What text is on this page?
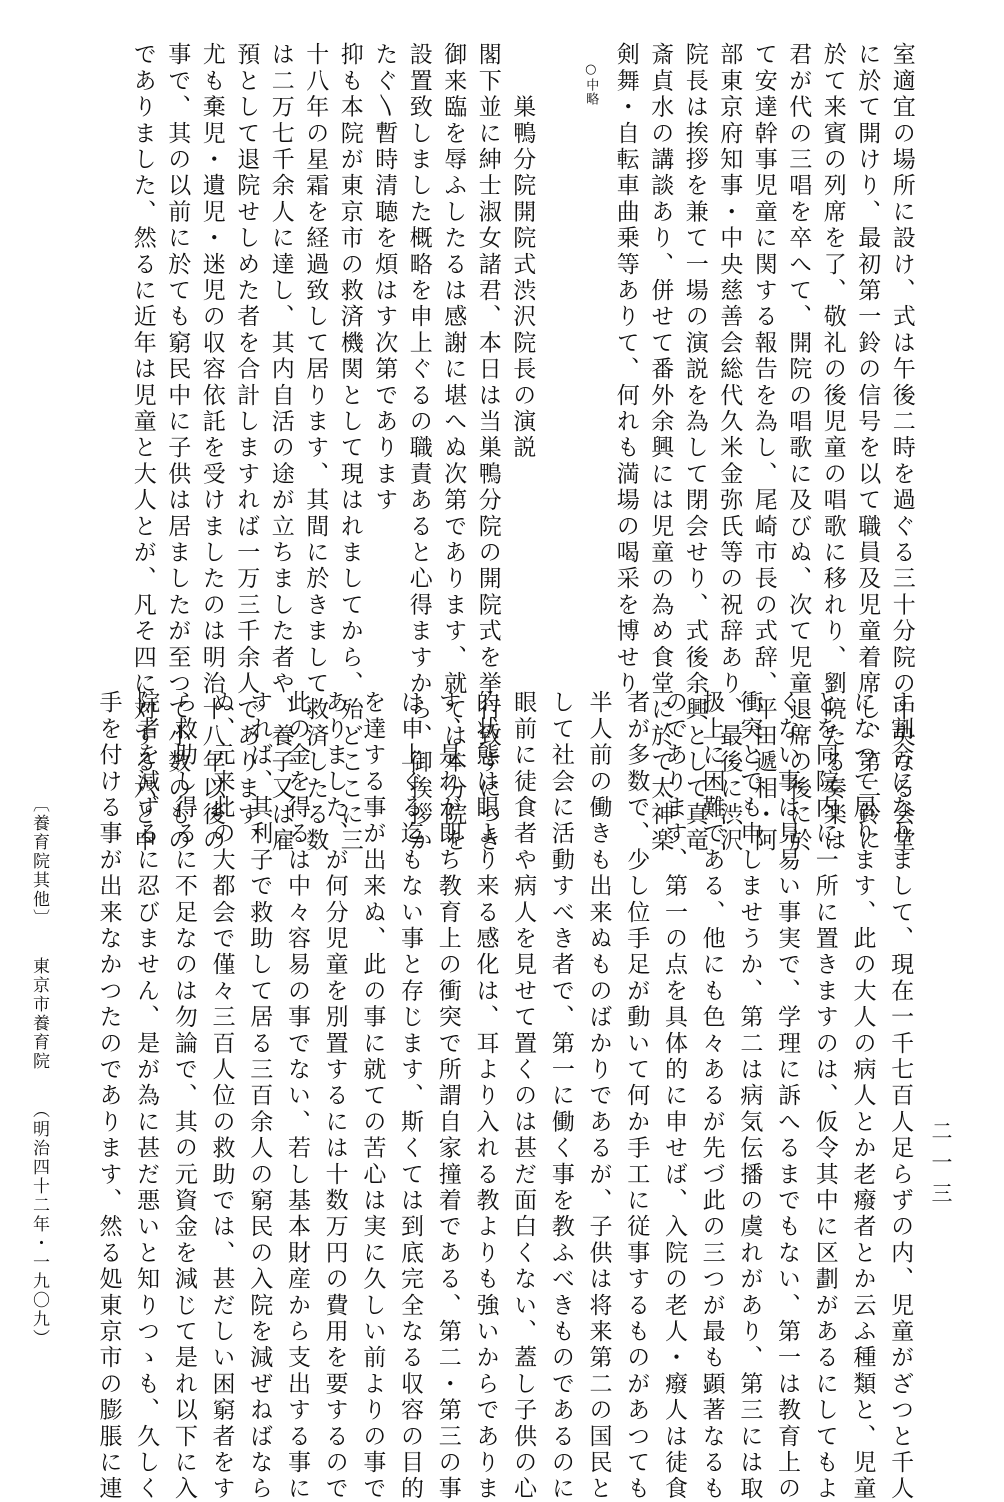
室適宜の場所に設け、式は午後二時を過ぐる三十分院の中央なる会堂
に於て開けり、最初第一鈴の信号を以て職員及児童着席し、第二鈴に
於て来賓の列席を了、敬礼の後児童の唱歌に移れり、劉喨たる奏楽は
君が代の三唱を卒へて、開院の唱歌に及びぬ、次て児童退席の後に於
て安達幹事児童に関する報告を為し、尾崎市長の式辞、平田遞相・阿
部東京府知事・中央慈善会総代久米金弥氏等の祝辞あり、最後に渋沢
院長は挨拶を兼て一場の演説を為して閉会せり、式後余興として真竜
斎貞水の講談あり、併せて番外余興には児童の為め食堂に於て太神楽
剣舞・自転車曲乗等ありて、何れも満場の喝采を博せり
○中略
　　巣鴨分院開院式渋沢院長の演説
閣下並に紳士淑女諸君、本日は当巣鴨分院の開院式を挙行致すにつき
御来臨を辱ふしたるは感謝に堪へぬ次第であります、就ては本分院を
設置致しました概略を申上ぐるの職責あると心得ますから、御挨拶か
たぐ〵暫時清聴を煩はす次第であります
抑も本院が東京市の救済機関として現はれましてから、殆どここに三
十八年の星霜を経過致して居ります、其間に於きまして救済したる数
は二万七千余人に達し、其内自活の途が立ちました者や、養子又は雇
預として退院せしめた者を合計しますれば一万三千余人であります、
尤も棄児・遺児・迷児の収容依託を受けましたのは明治十八年以後の
事で、其の以前に於ても窮民中に子供は居ましたが至つて小数のもの
でありました、然るに近年は児童と大人とが、凡そ四に対する六と申
す割合になりまして、現在一千七百人足らずの内、児童がざつと千人
になつて居ります、此の大人の病人とか老癈者とか云ふ種類と、児童
とを同院内に一所に置きますのは、仮令其中に区劃があるにしてもよ
くない事は見易い事実で、学理に訴へるまでもない、第一は教育上の
衝突とでも申しませうか、第二は病気伝播の虞れがあり、第三には取
扱上に困難である、他にも色々あるが先づ此の三つが最も顕著なるも
のであります、第一の点を具体的に申せば、入院の老人・癈人は徒食
者が多数で、少し位手足が動いて何か手工に従事するものがあつても
半人前の働きも出来ぬものばかりであるが、子供は将来第二の国民と
して社会に活動すべき者で、第一に働く事を教ふべきものであるのに
眼前に徒食者や病人を見せて置くのは甚だ面白くない、蓋し子供の心
的状態は眼より来る感化は、耳より入れる教よりも強いからでありま
す、是れが即ち教育上の衝突で所謂自家撞着である、第二・第三の事
は申上ぐる迄もない事と存じます、斯くては到底完全なる収容の目的
を達する事が出来ぬ、此の事に就ての苦心は実に久しい前よりの事で
ありました、が何分児童を別置するには十数万円の費用を要するので
此の金を得るは中々容易の事でない、若し基本財産から支出する事に
すれば、其利子で救助して居る三百余人の窮民の入院を減ぜねばなら
ぬ、元来此の大都会で僅々三百人位の救助では、甚だしい困窮者をす
ら救助し得るに不足なのは勿論で、其の元資金を減じて是れ以下に入
院者を減ずるに忍びません、是が為に甚だ悪いと知りつゝも、久しく
手を付ける事が出来なかつたのであります、然る処東京市の膨脹に連
〔養育院其他〕 東京市養育院 （明治四十二年・一九〇九）	二一三
